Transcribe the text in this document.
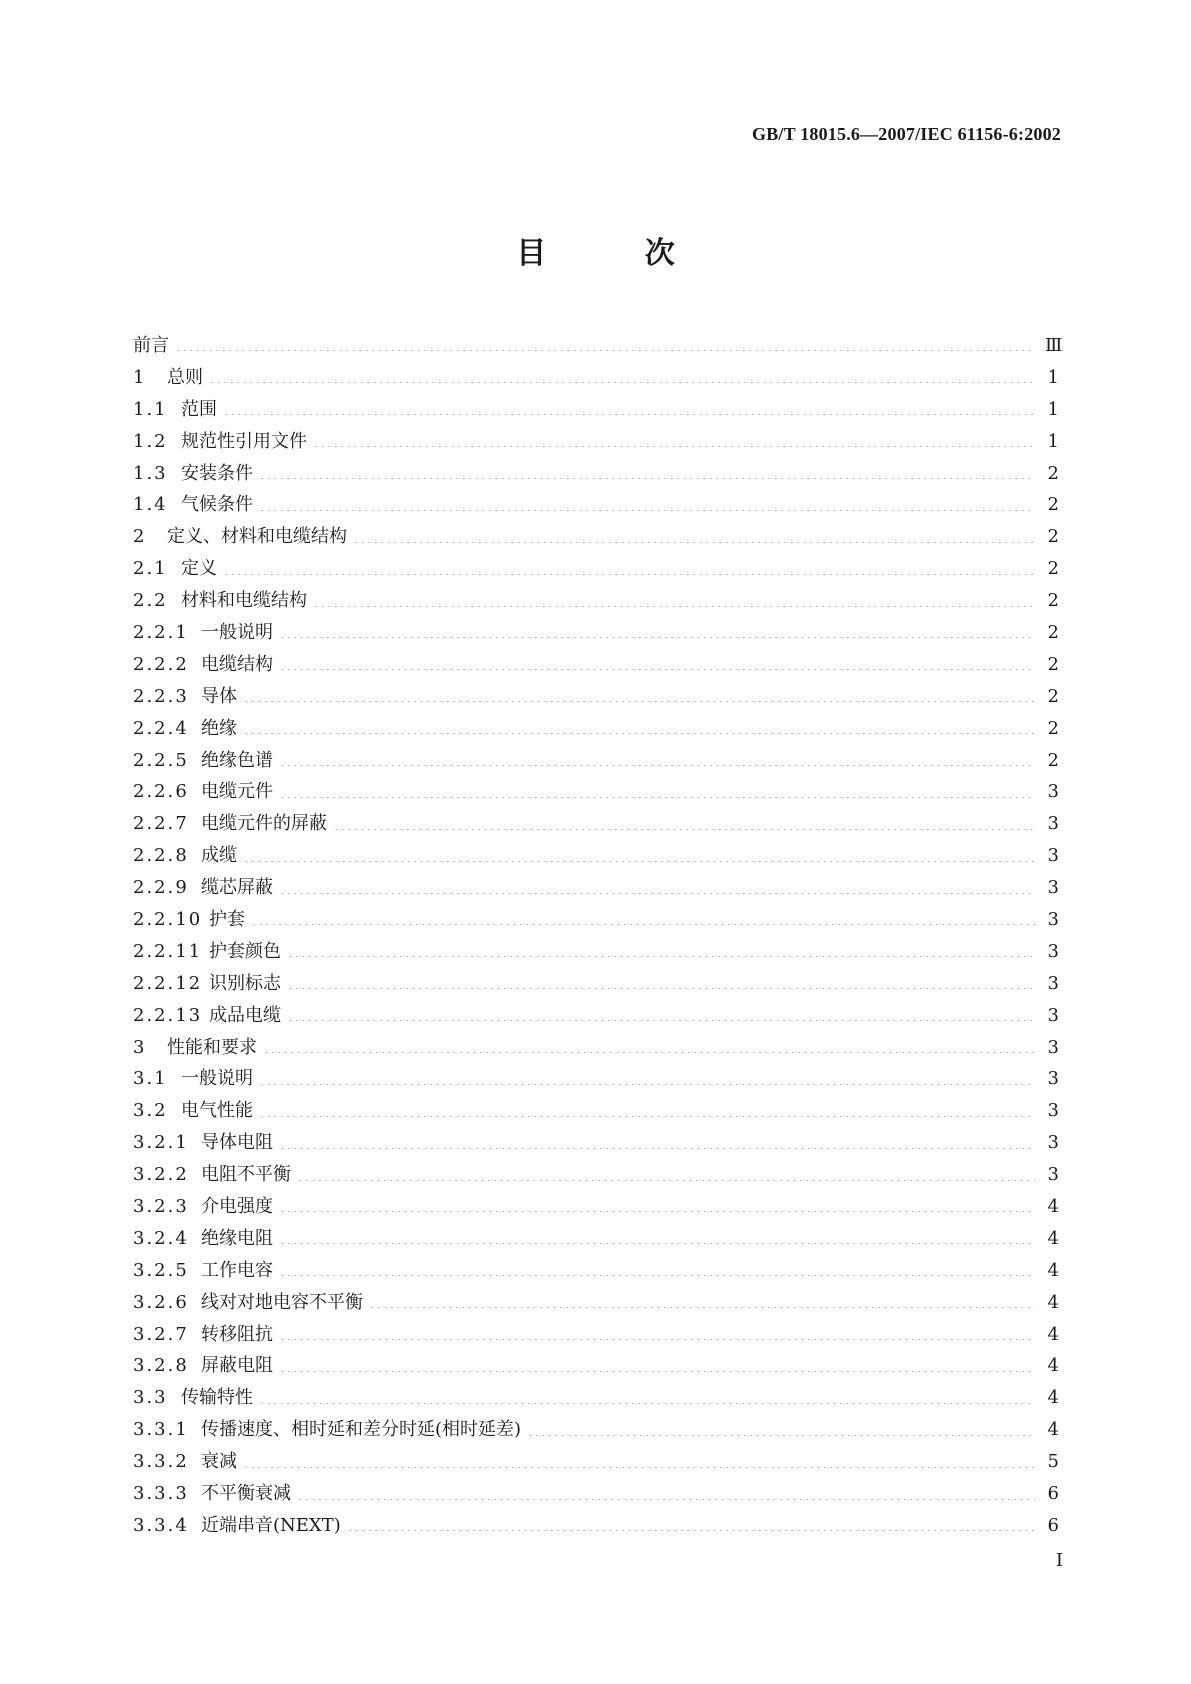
GB/T 18015.6—2007/IEC 61156-6:2002
目 次
前言	Ⅲ
1	总则	1
1.1 范围	1
1.2 规范性引用文件	1
1.3 安装条件	2
1.4 气候条件	2
2	定义、材料和电缆结构	2
2.1 定义	2
2.2 材料和电缆结构	2
2.2.1 一般说明	2
2.2.2 电缆结构	2
2.2.3 导体	2
2.2.4 绝缘	2
2.2.5 绝缘色谱	2
2.2.6 电缆元件	3
2.2.7 电缆元件的屏蔽	3
2.2.8 成缆	3
2.2.9 缆芯屏蔽	3
2.2.10 护套	3
2.2.11 护套颜色	3
2.2.12 识别标志	3
2.2.13 成品电缆	3
3	性能和要求	3
3.1 一般说明	3
3.2 电气性能	3
3.2.1 导体电阻	3
3.2.2 电阻不平衡	3
3.2.3 介电强度	4
3.2.4 绝缘电阻	4
3.2.5 工作电容	4
3.2.6 线对对地电容不平衡	4
3.2.7 转移阻抗	4
3.2.8 屏蔽电阻	4
3.3 传输特性	4
3.3.1 传播速度、相时延和差分时延(相时延差)	4
3.3.2 衰减	5
3.3.3 不平衡衰减	6
3.3.4 近端串音(NEXT)	6
I
